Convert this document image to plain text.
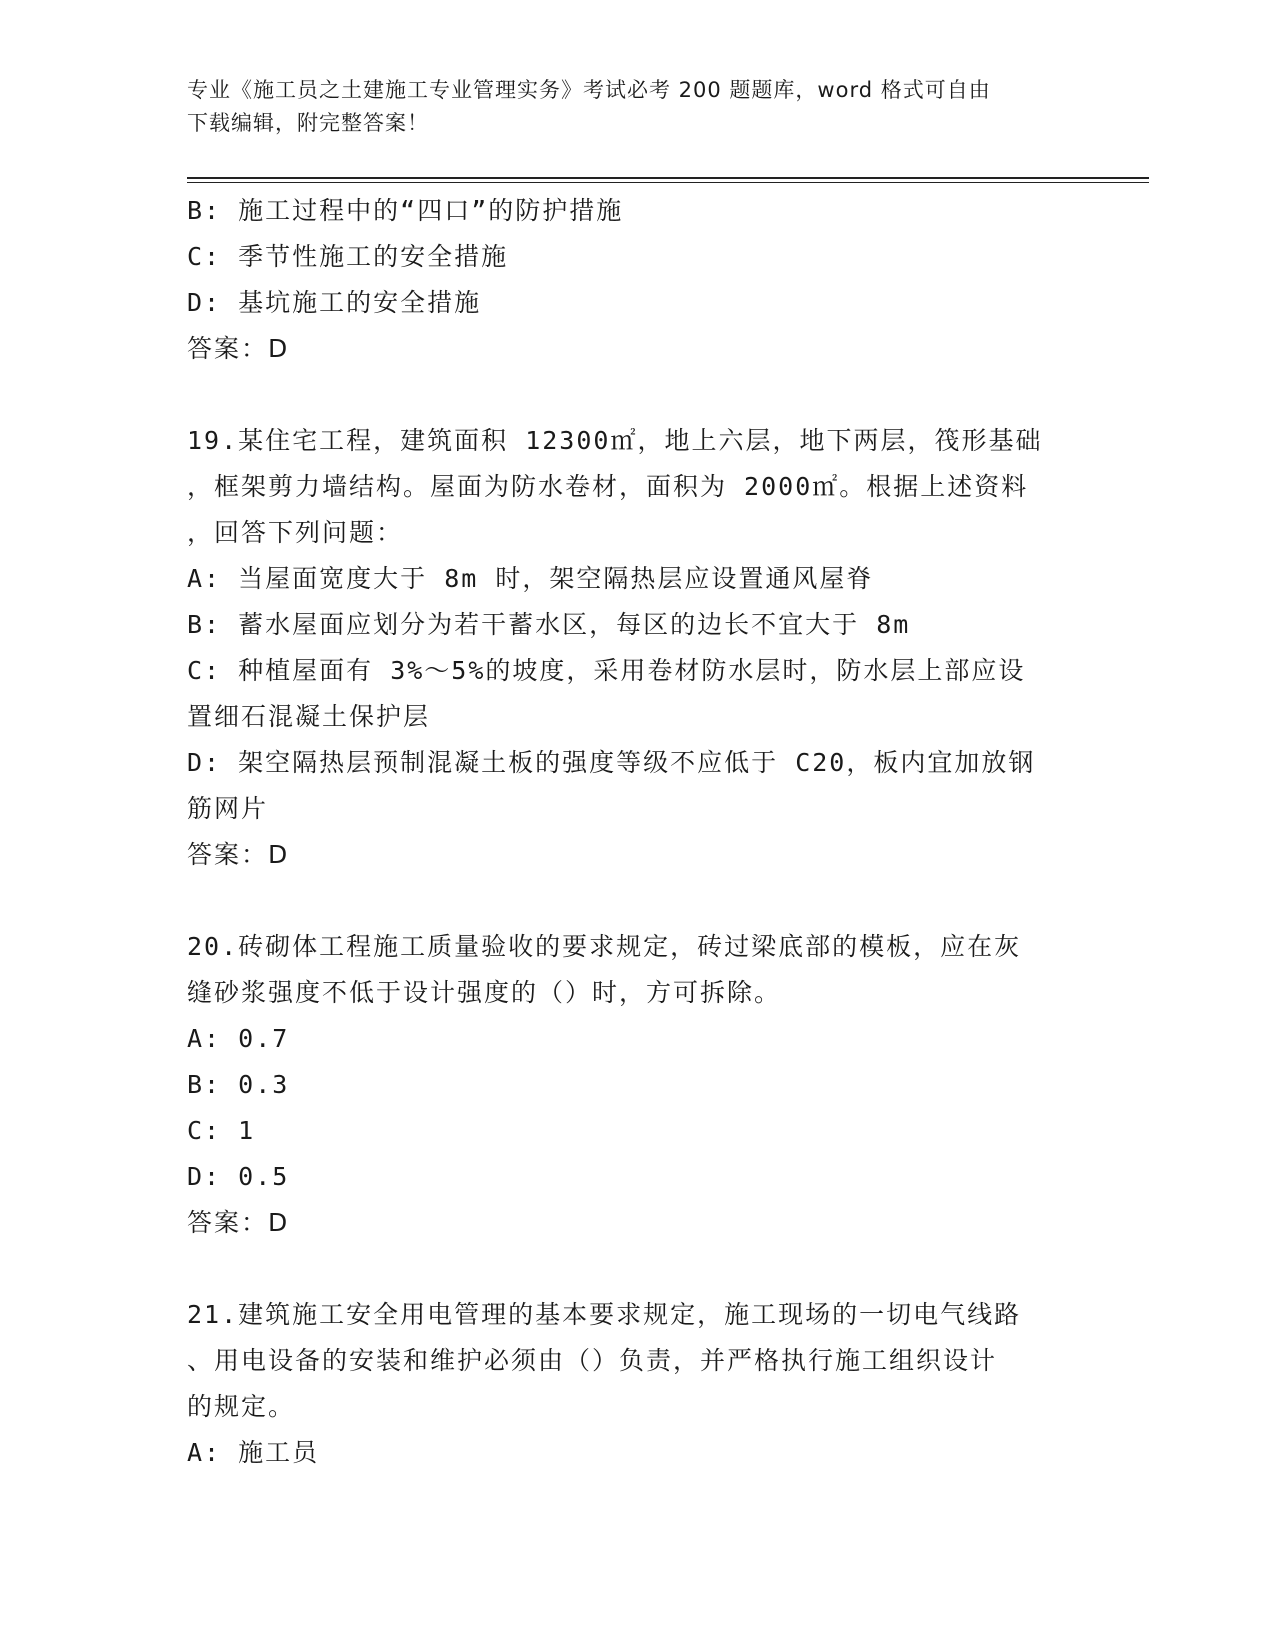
专业《施工员之土建施工专业管理实务》考试必考 200 题题库，word 格式可自由
下载编辑，附完整答案！

B: 施工过程中的“四口”的防护措施

C: 季节性施工的安全措施

D: 基坑施工的安全措施

答案：D

19.某住宅工程，建筑面积 12300㎡，地上六层，地下两层，筏形基础

，框架剪力墙结构。屋面为防水卷材，面积为 2000㎡。根据上述资料

，回答下列问题：

A: 当屋面宽度大于 8m 时，架空隔热层应设置通风屋脊

B: 蓄水屋面应划分为若干蓄水区，每区的边长不宜大于 8m

C: 种植屋面有 3%～5%的坡度，采用卷材防水层时，防水层上部应设

置细石混凝土保护层

D: 架空隔热层预制混凝土板的强度等级不应低于 C20，板内宜加放钢

筋网片

答案：D

20.砖砌体工程施工质量验收的要求规定，砖过梁底部的模板，应在灰

缝砂浆强度不低于设计强度的（）时，方可拆除。

A: 0.7

B: 0.3

C: 1

D: 0.5

答案：D

21.建筑施工安全用电管理的基本要求规定，施工现场的一切电气线路

、用电设备的安装和维护必须由（）负责，并严格执行施工组织设计

的规定。

A: 施工员
